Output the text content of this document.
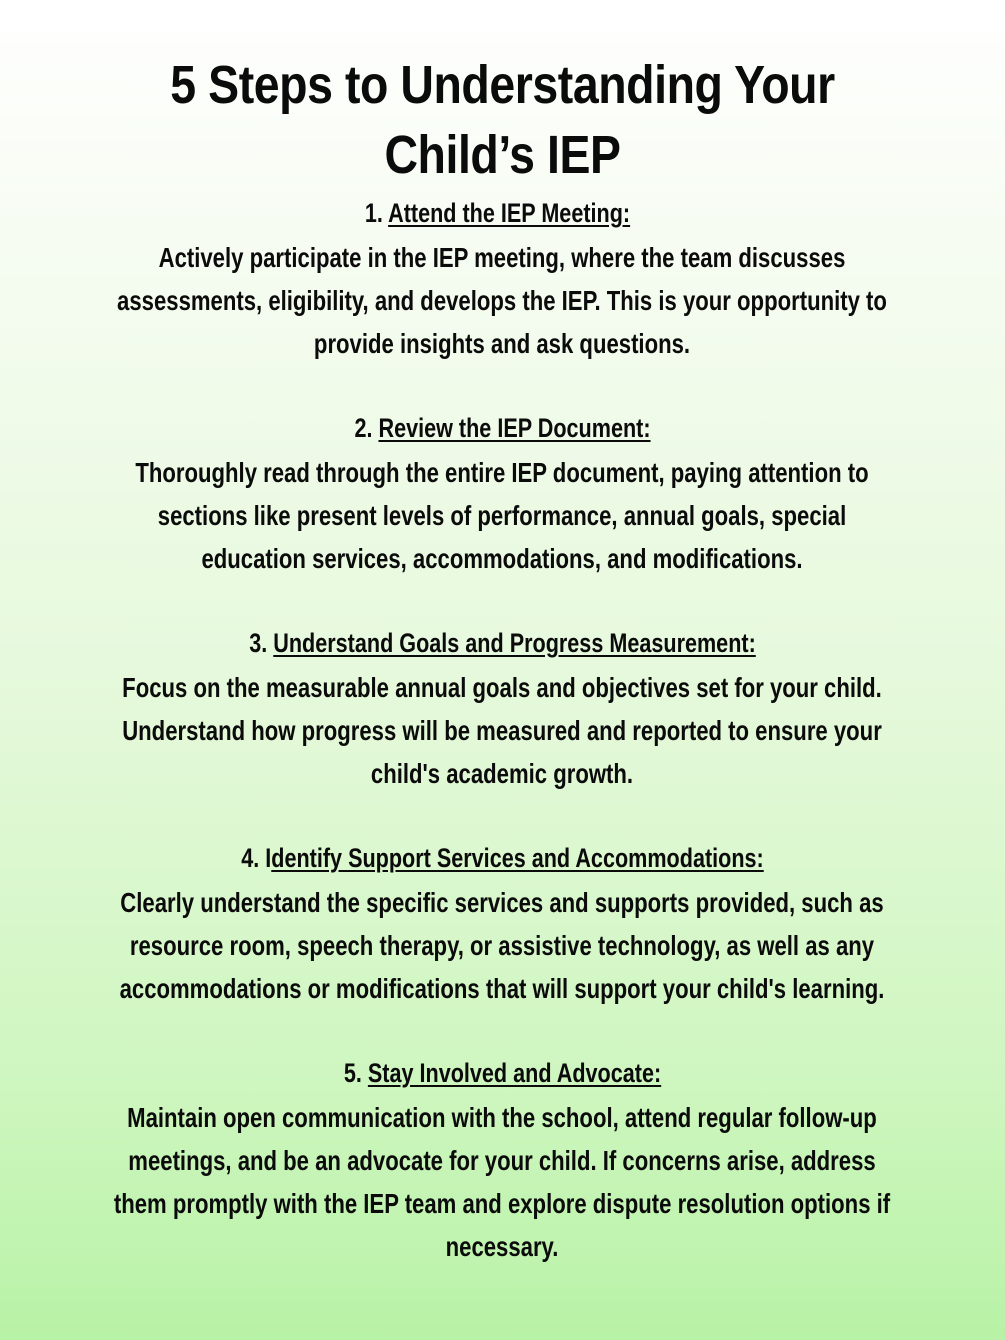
5 Steps to Understanding Your
Child’s IEP
1. Attend the IEP Meeting:
Actively participate in the IEP meeting, where the team discusses
assessments, eligibility, and develops the IEP. This is your opportunity to
provide insights and ask questions.
2. Review the IEP Document:
Thoroughly read through the entire IEP document, paying attention to
sections like present levels of performance, annual goals, special
education services, accommodations, and modifications.
3. Understand Goals and Progress Measurement:
Focus on the measurable annual goals and objectives set for your child.
Understand how progress will be measured and reported to ensure your
child's academic growth.
4. Identify Support Services and Accommodations:
Clearly understand the specific services and supports provided, such as
resource room, speech therapy, or assistive technology, as well as any
accommodations or modifications that will support your child's learning.
5. Stay Involved and Advocate:
Maintain open communication with the school, attend regular follow-up
meetings, and be an advocate for your child. If concerns arise, address
them promptly with the IEP team and explore dispute resolution options if
necessary.
